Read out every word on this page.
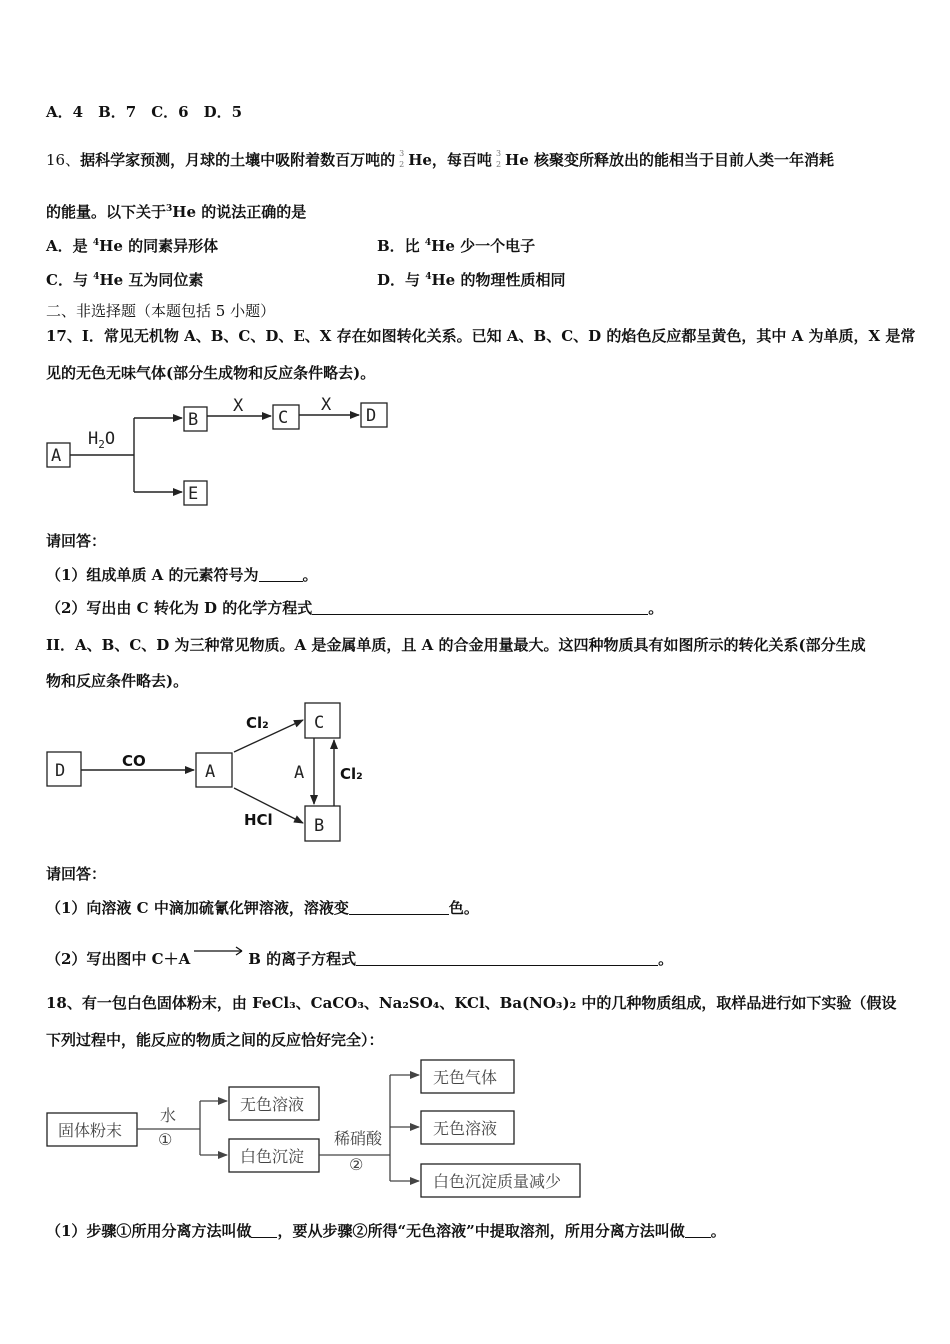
A．4　B．7　C．6　D．5
16、据科学家预测，月球的土壤中吸附着数百万吨的 3
2 He，每百吨 3
2 He 核聚变所释放出的能相当于目前人类一年消耗
的能量。以下关于$^3$He 的说法正确的是
A．是 $^4$He 的同素异形体	B．比 $^4$He 少一个电子
C．与 $^4$He 互为同位素	D．与 $^4$He 的物理性质相同
二、非选择题（本题包括 5 小题）
17、I．常见无机物 A、B、C、D、E、X 存在如图转化关系。已知 A、B、C、D 的焰色反应都呈黄色，其中 A 为单质，X 是常
见的无色无味气体(部分生成物和反应条件略去)。
A
$H_2O$
B
E
X
C
X
D
请回答：
（1）组成单质 A 的元素符号为	。
（2）写出由 C 转化为 D 的化学方程式	。
II．A、B、C、D 为三种常见物质。A 是金属单质，且 A 的合金用量最大。这四种物质具有如图所示的转化关系(部分生成
物和反应条件略去)。
D	CO
A
Cl₂
HCl
C
B
A Cl₂
请回答：
（1）向溶液 C 中滴加硫氰化钾溶液，溶液变	色。
（2）写出图中 C＋A → B 的离子方程式	。
18、有一包白色固体粉末，由 FeCl₃、CaCO₃、Na₂SO₄、KCl、Ba(NO₃)₂ 中的几种物质组成，取样品进行如下实验（假设
下列过程中，能反应的物质之间的反应恰好完全）：
固体粉末
水
①
无色溶液
白色沉淀
稀硝酸
②
无色气体
无色溶液
白色沉淀质量减少
（1）步骤①所用分离方法叫做 ，要从步骤②所得“无色溶液”中提取溶剂，所用分离方法叫做 。
